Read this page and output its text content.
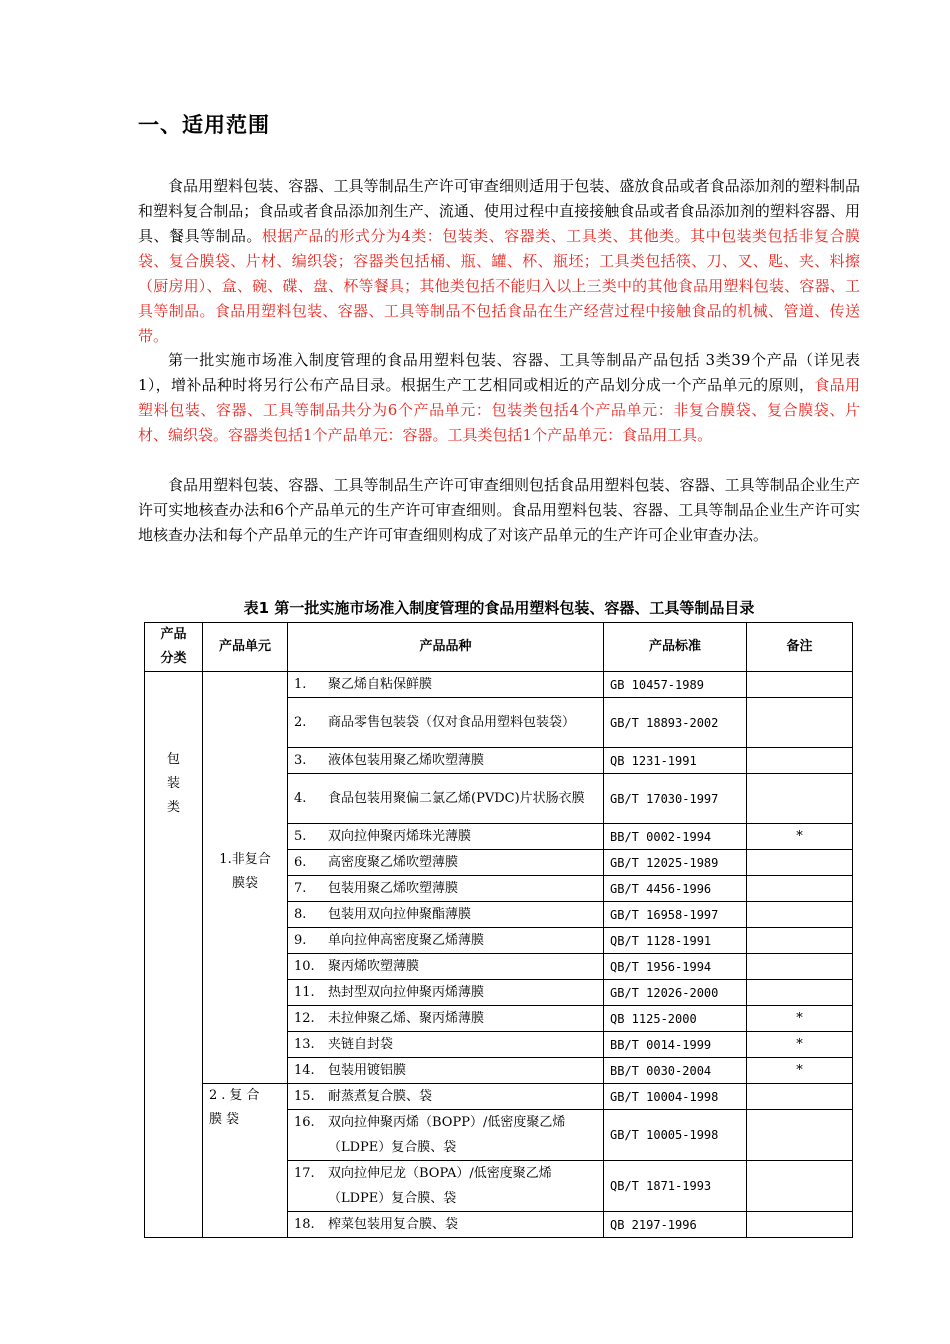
一、适用范围

食品用塑料包装、容器、工具等制品生产许可审查细则适用于包装、盛放食品或者食品添加剂的塑料制品和塑料复合制品；食品或者食品添加剂生产、流通、使用过程中直接接触食品或者食品添加剂的塑料容器、用具、餐具等制品。根据产品的形式分为4类：包装类、容器类、工具类、其他类。其中包装类包括非复合膜袋、复合膜袋、片材、编织袋；容器类包括桶、瓶、罐、杯、瓶坯；工具类包括筷、刀、叉、匙、夹、料擦（厨房用）、盒、碗、碟、盘、杯等餐具；其他类包括不能归入以上三类中的其他食品用塑料包装、容器、工具等制品。食品用塑料包装、容器、工具等制品不包括食品在生产经营过程中接触食品的机械、管道、传送带。

第一批实施市场准入制度管理的食品用塑料包装、容器、工具等制品产品包括 3类39个产品（详见表1），增补品种时将另行公布产品目录。根据生产工艺相同或相近的产品划分成一个产品单元的原则，食品用塑料包装、容器、工具等制品共分为6个产品单元：包装类包括4个产品单元：非复合膜袋、复合膜袋、片材、编织袋。容器类包括1个产品单元：容器。工具类包括1个产品单元：食品用工具。

食品用塑料包装、容器、工具等制品生产许可审查细则包括食品用塑料包装、容器、工具等制品企业生产许可实地核查办法和6个产品单元的生产许可审查细则。食品用塑料包装、容器、工具等制品企业生产许可实地核查办法和每个产品单元的生产许可审查细则构成了对该产品单元的生产许可企业审查办法。

表1 第一批实施市场准入制度管理的食品用塑料包装、容器、工具等制品目录
产品分类	产品单元	产品品种	产品标准	备注
包装类	1.非复合膜袋	1. 聚乙烯自粘保鲜膜	GB 10457-1989	

		2. 商品零售包装袋（仅对食品用塑料包装袋）	GB/T 18893-2002	

		3. 液体包装用聚乙烯吹塑薄膜	QB 1231-1991	

		4. 食品包装用聚偏二氯乙烯(PVDC)片状肠衣膜	GB/T 17030-1997	

		5. 双向拉伸聚丙烯珠光薄膜	BB/T 0002-1994	*

		6. 高密度聚乙烯吹塑薄膜	GB/T 12025-1989	

		7. 包装用聚乙烯吹塑薄膜	GB/T 4456-1996	

		8. 包装用双向拉伸聚酯薄膜	GB/T 16958-1997	

		9. 单向拉伸高密度聚乙烯薄膜	QB/T 1128-1991	

		10. 聚丙烯吹塑薄膜	QB/T 1956-1994	

		11. 热封型双向拉伸聚丙烯薄膜	GB/T 12026-2000	

		12. 未拉伸聚乙烯、聚丙烯薄膜	QB 1125-2000	*

		13. 夹链自封袋	BB/T 0014-1999	*

		14. 包装用镀铝膜	BB/T 0030-2004	*
	2.复合膜袋	15. 耐蒸煮复合膜、袋	GB/T 10004-1998	

		16. 双向拉伸聚丙烯（BOPP）/低密度聚乙烯（LDPE）复合膜、袋	GB/T 10005-1998	

		17. 双向拉伸尼龙（BOPA）/低密度聚乙烯（LDPE）复合膜、袋	QB/T 1871-1993	

		18. 榨菜包装用复合膜、袋	QB 2197-1996	
